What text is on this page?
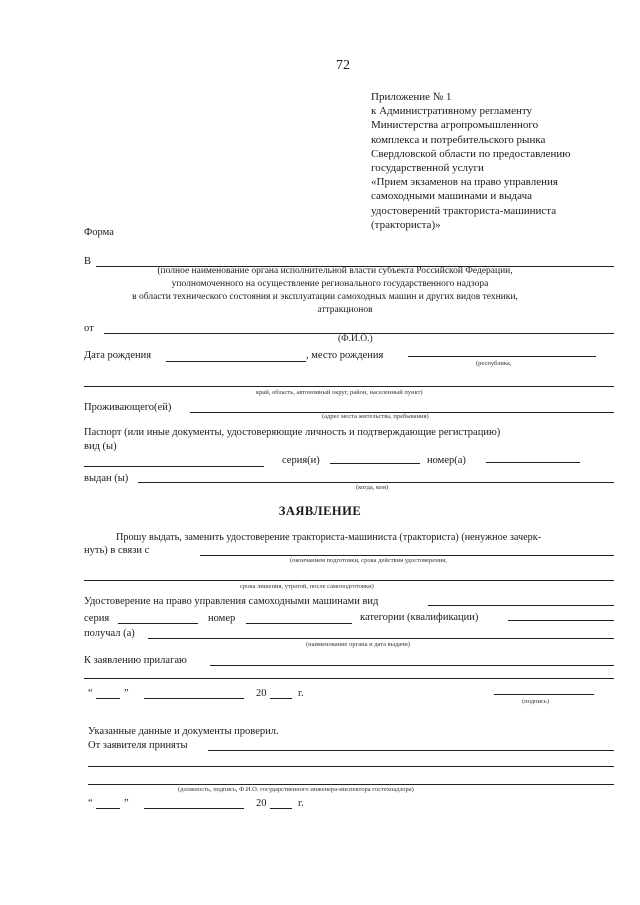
72
Приложение № 1
к Административному регламенту
Министерства агропромышленного
комплекса и потребительского рынка
Свердловской области по предоставлению
государственной услуги
«Прием экзаменов на право управления
самоходными машинами и выдача
удостоверений тракториста-машиниста
(тракториста)»
Форма
В
(полное наименование органа исполнительной власти субъекта Российской Федерации,
уполномоченного на осуществление регионального государственного надзора
в области технического состояния и эксплуатации самоходных машин и других видов техники,
аттракционов
от
(Ф.И.О.)
Дата рождения	, место рождения
(республика,
край, область, автономный округ, район, населенный пункт)
Проживающего(ей)
(адрес места жительства, пребывания)
Паспорт (или иные документы, удостоверяющие личность и подтверждающие регистрацию)
вид (ы)
серия(и)	номер(а)
выдан (ы)
(когда, кем)
ЗАЯВЛЕНИЕ
Прошу выдать, заменить удостоверение тракториста-машиниста (тракториста) (ненужное зачерк-
нуть) в связи с
(окончанием подготовки, срока действия удостоверения,
срока лишения, утратой, после самоподготовки)
Удостоверение на право управления самоходными машинами вид
серия	номер	категории (квалификации)
получал (а)
(наименование органа и дата выдачи)
К заявлению прилагаю
“	”	20	г.
(подпись)
Указанные данные и документы проверил.
От заявителя приняты
(должность, подпись, Ф.И.О. государственного инженера-инспектора гостехнадзора)
“	”	20	г.
